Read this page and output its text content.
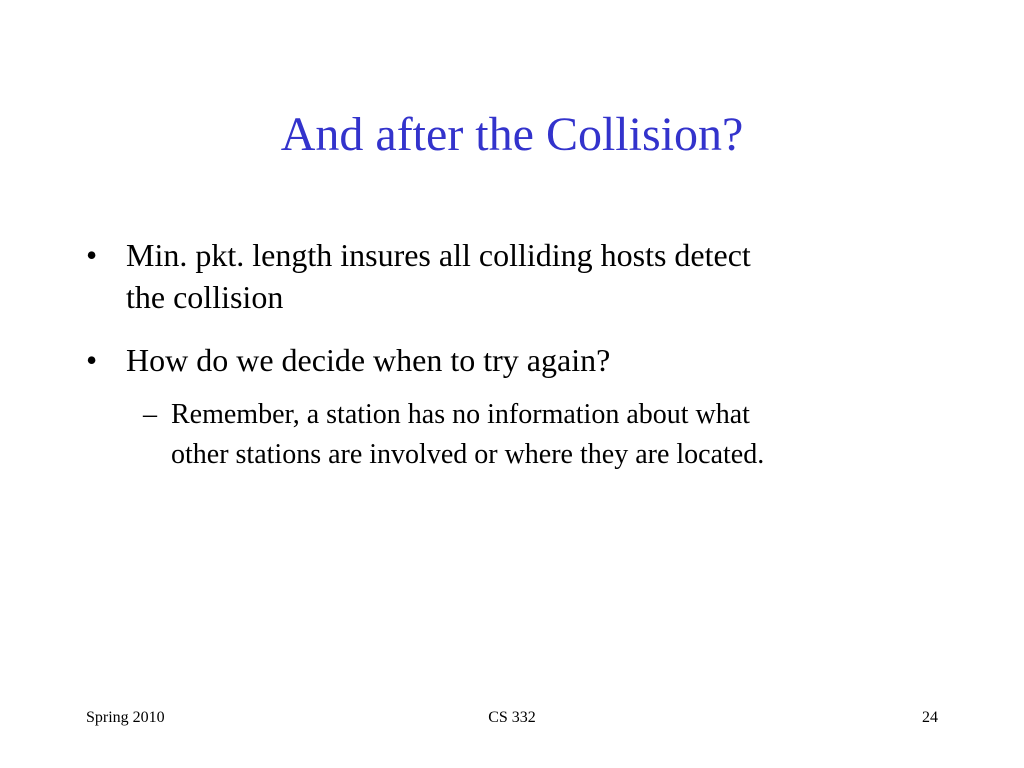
And after the Collision?
• Min. pkt. length insures all colliding hosts detect
the collision
• How do we decide when to try again?
– Remember, a station has no information about what
other stations are involved or where they are located.
Spring 2010	CS 332	24
